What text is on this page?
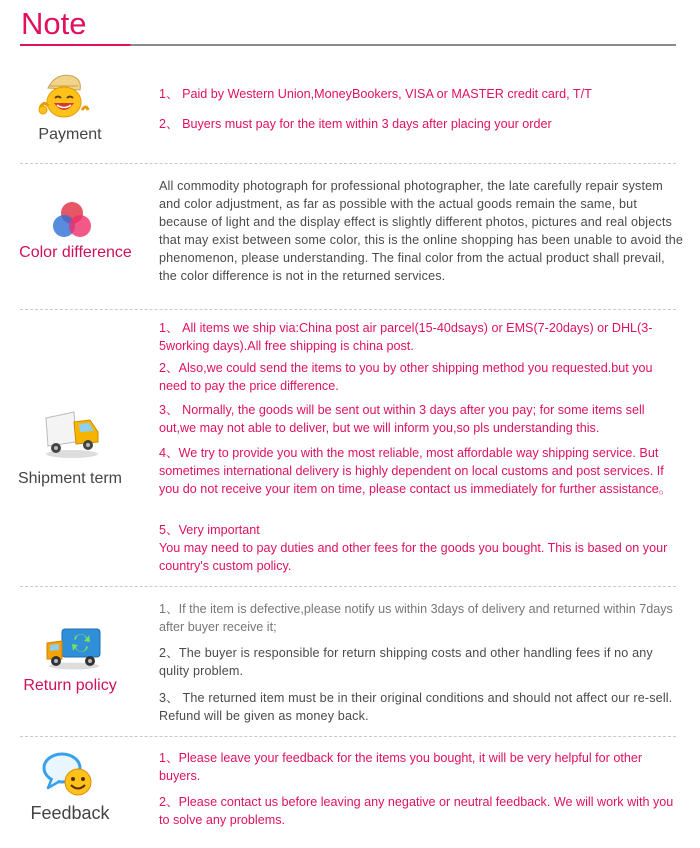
Note
Payment
1、 Paid by Western Union,MoneyBookers, VISA or MASTER credit card, T/T
2、 Buyers must pay for the item within 3 days after placing your order
Color difference
All commodity photograph for professional photographer, the late carefully repair system and color adjustment, as far as possible with the actual goods remain the same, but because of light and the display effect is slightly different photos, pictures and real objects that may exist between some color, this is the online shopping has been unable to avoid the phenomenon, please understanding. The final color from the actual product shall prevail, the color difference is not in the returned services.
Shipment term
1、 All items we ship via:China post air parcel(15-40dsays) or EMS(7-20days) or DHL(3-5working days).All free shipping is china post.
2、Also,we could send the items to you by other shipping method you requested.but you need to pay the price difference.
3、 Normally, the goods will be sent out within 3 days after you pay; for some items sell out,we may not able to deliver, but we will inform you,so pls understanding this.
4、We try to provide you with the most reliable, most affordable way shipping service. But sometimes international delivery is highly dependent on local customs and post services. If you do not receive your item on time, please contact us immediately for further assistance。
5、Very important
You may need to pay duties and other fees for the goods you bought. This is based on your country's custom policy.
Return policy
1、If the item is defective,please notify us within 3days of delivery and returned within 7days after buyer receive it;
2、The buyer is responsible for return shipping costs and other handling fees if no any qulity problem.
3、 The returned item must be in their original conditions and should not affect our re-sell. Refund will be given as money back.
Feedback
1、Please leave your feedback for the items you bought, it will be very helpful for other buyers.
2、Please contact us before leaving any negative or neutral feedback. We will work with you to solve any problems.
